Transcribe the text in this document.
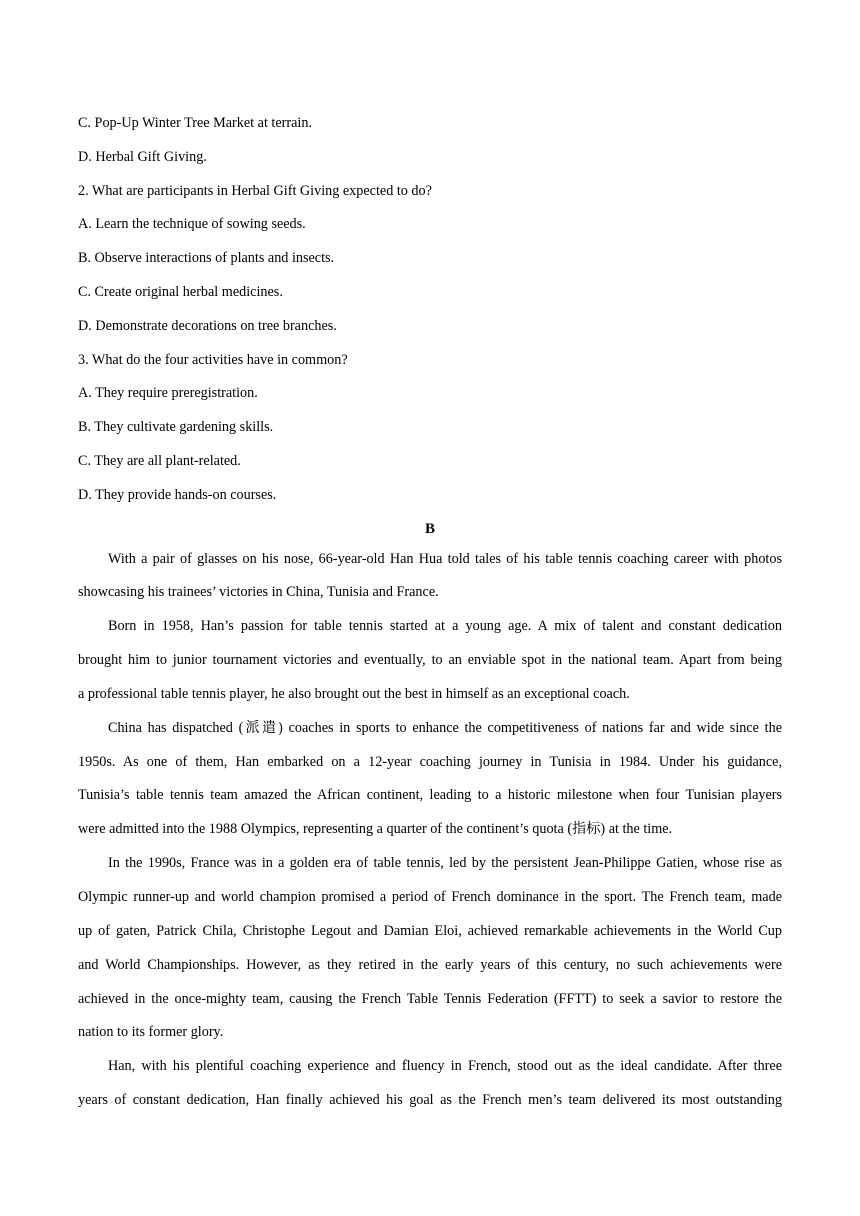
C. Pop-Up Winter Tree Market at terrain.

D. Herbal Gift Giving.

2. What are participants in Herbal Gift Giving expected to do?

A. Learn the technique of sowing seeds.

B. Observe interactions of plants and insects.

C. Create original herbal medicines.

D. Demonstrate decorations on tree branches.

3. What do the four activities have in common?

A. They require preregistration.

B. They cultivate gardening skills.

C. They are all plant-related.

D. They provide hands-on courses.

B

With a pair of glasses on his nose, 66-year-old Han Hua told tales of his table tennis coaching career with photos
showcasing his trainees’ victories in China, Tunisia and France.

Born in 1958, Han’s passion for table tennis started at a young age. A mix of talent and constant dedication
brought him to junior tournament victories and eventually, to an enviable spot in the national team. Apart from being
a professional table tennis player, he also brought out the best in himself as an exceptional coach.

China has dispatched (派遣) coaches in sports to enhance the competitiveness of nations far and wide since the
1950s. As one of them, Han embarked on a 12-year coaching journey in Tunisia in 1984. Under his guidance,
Tunisia’s table tennis team amazed the African continent, leading to a historic milestone when four Tunisian players
were admitted into the 1988 Olympics, representing a quarter of the continent’s quota (指标) at the time.

In the 1990s, France was in a golden era of table tennis, led by the persistent Jean-Philippe Gatien, whose rise as
Olympic runner-up and world champion promised a period of French dominance in the sport. The French team, made
up of gaten, Patrick Chila, Christophe Legout and Damian Eloi, achieved remarkable achievements in the World Cup
and World Championships. However, as they retired in the early years of this century, no such achievements were
achieved in the once-mighty team, causing the French Table Tennis Federation (FFTT) to seek a savior to restore the
nation to its former glory.

Han, with his plentiful coaching experience and fluency in French, stood out as the ideal candidate. After three
years of constant dedication, Han finally achieved his goal as the French men’s team delivered its most outstanding
